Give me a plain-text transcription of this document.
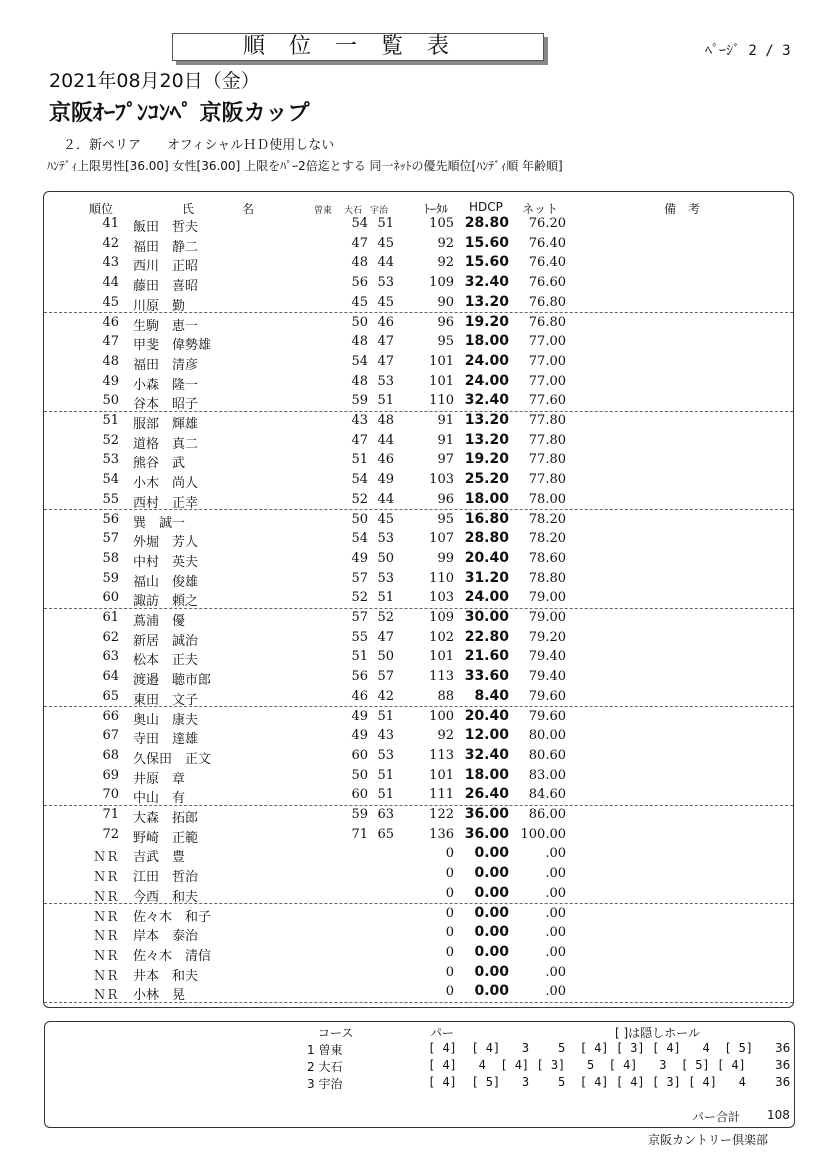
順位一覧表	ﾍﾟｰｼﾞ 2 / 3
2021年08月20日（金）
京阪ｵｰﾌﾟﾝｺﾝﾍﾟ 京阪カップ
２．新ペリア　　オフィシャルＨＤ使用しない
ﾊﾝﾃﾞｨ上限男性[36.00] 女性[36.00] 上限をﾊﾟｰ2倍迄とする 同一ﾈｯﾄの優先順位[ﾊﾝﾃﾞｨ順 年齢順]
順位	氏　　　　名	曽東 大石 宇治	ﾄｰﾀﾙ HDCP ネット	備　考
41 飯田　哲夫	54 51	105 28.80	76.20
42 福田　静二	47 45	92 15.60	76.40
43 西川　正昭	48 44	92 15.60	76.40
44 藤田　喜昭	56 53	109 32.40	76.60
45 川原　勤	45 45	90 13.20	76.80
46 生駒　恵一	50 46	96 19.20	76.80
47 甲斐　偉勢雄	48 47	95 18.00	77.00
48 福田　清彦	54 47	101 24.00	77.00
49 小森　隆一	48 53	101 24.00	77.00
50 谷本　昭子	59 51	110 32.40	77.60
51 服部　輝雄	43 48	91 13.20	77.80
52 道格　真二	47 44	91 13.20	77.80
53 熊谷　武	51 46	97 19.20	77.80
54 小木　尚人	54 49	103 25.20	77.80
55 西村　正幸	52 44	96 18.00	78.00
56 巽　誠一	50 45	95 16.80	78.20
57 外堀　芳人	54 53	107 28.80	78.20
58 中村　英夫	49 50	99 20.40	78.60
59 福山　俊雄	57 53	110 31.20	78.80
60 諏訪　頼之	52 51	103 24.00	79.00
61 蔦浦　優	57 52	109 30.00	79.00
62 新居　誠治	55 47	102 22.80	79.20
63 松本　正夫	51 50	101 21.60	79.40
64 渡邉　聴市郎	56 57	113 33.60	79.40
65 東田　文子	46 42	88	8.40	79.60
66 奥山　康夫	49 51	100 20.40	79.60
67 寺田　達雄	49 43	92 12.00	80.00
68 久保田　正文	60 53	113 32.40	80.60
69 井原　章	50 51	101 18.00	83.00
70 中山　有	60 51	111 26.40	84.60
71 大森　拓郎	59 63	122 36.00	86.00
72 野崎　正範	71 65	136 36.00 100.00
ＮＲ 吉武　豊	0	0.00	.00
ＮＲ 江田　哲治	0	0.00	.00
ＮＲ 今西　和夫	0	0.00	.00
ＮＲ 佐々木　和子	0	0.00	.00
ＮＲ 岸本　泰治	0	0.00	.00
ＮＲ 佐々木　清信	0	0.00	.00
ＮＲ 井本　和夫	0	0.00	.00
ＮＲ 小林　晃	0	0.00	.00
コース	パー	[ ]は隠しホール
1 曽東	[ 4]  [ 4]   3    5  [ 4] [ 3] [ 4]   4  [ 5] 36
2 大石	[ 4]   4  [ 4] [ 3]   5  [ 4]   3  [ 5] [ 4] 36
3 宇治	[ 4]  [ 5]   3    5  [ 4] [ 4] [ 3] [ 4]   4 36
パー合計 108
京阪カントリー倶楽部
